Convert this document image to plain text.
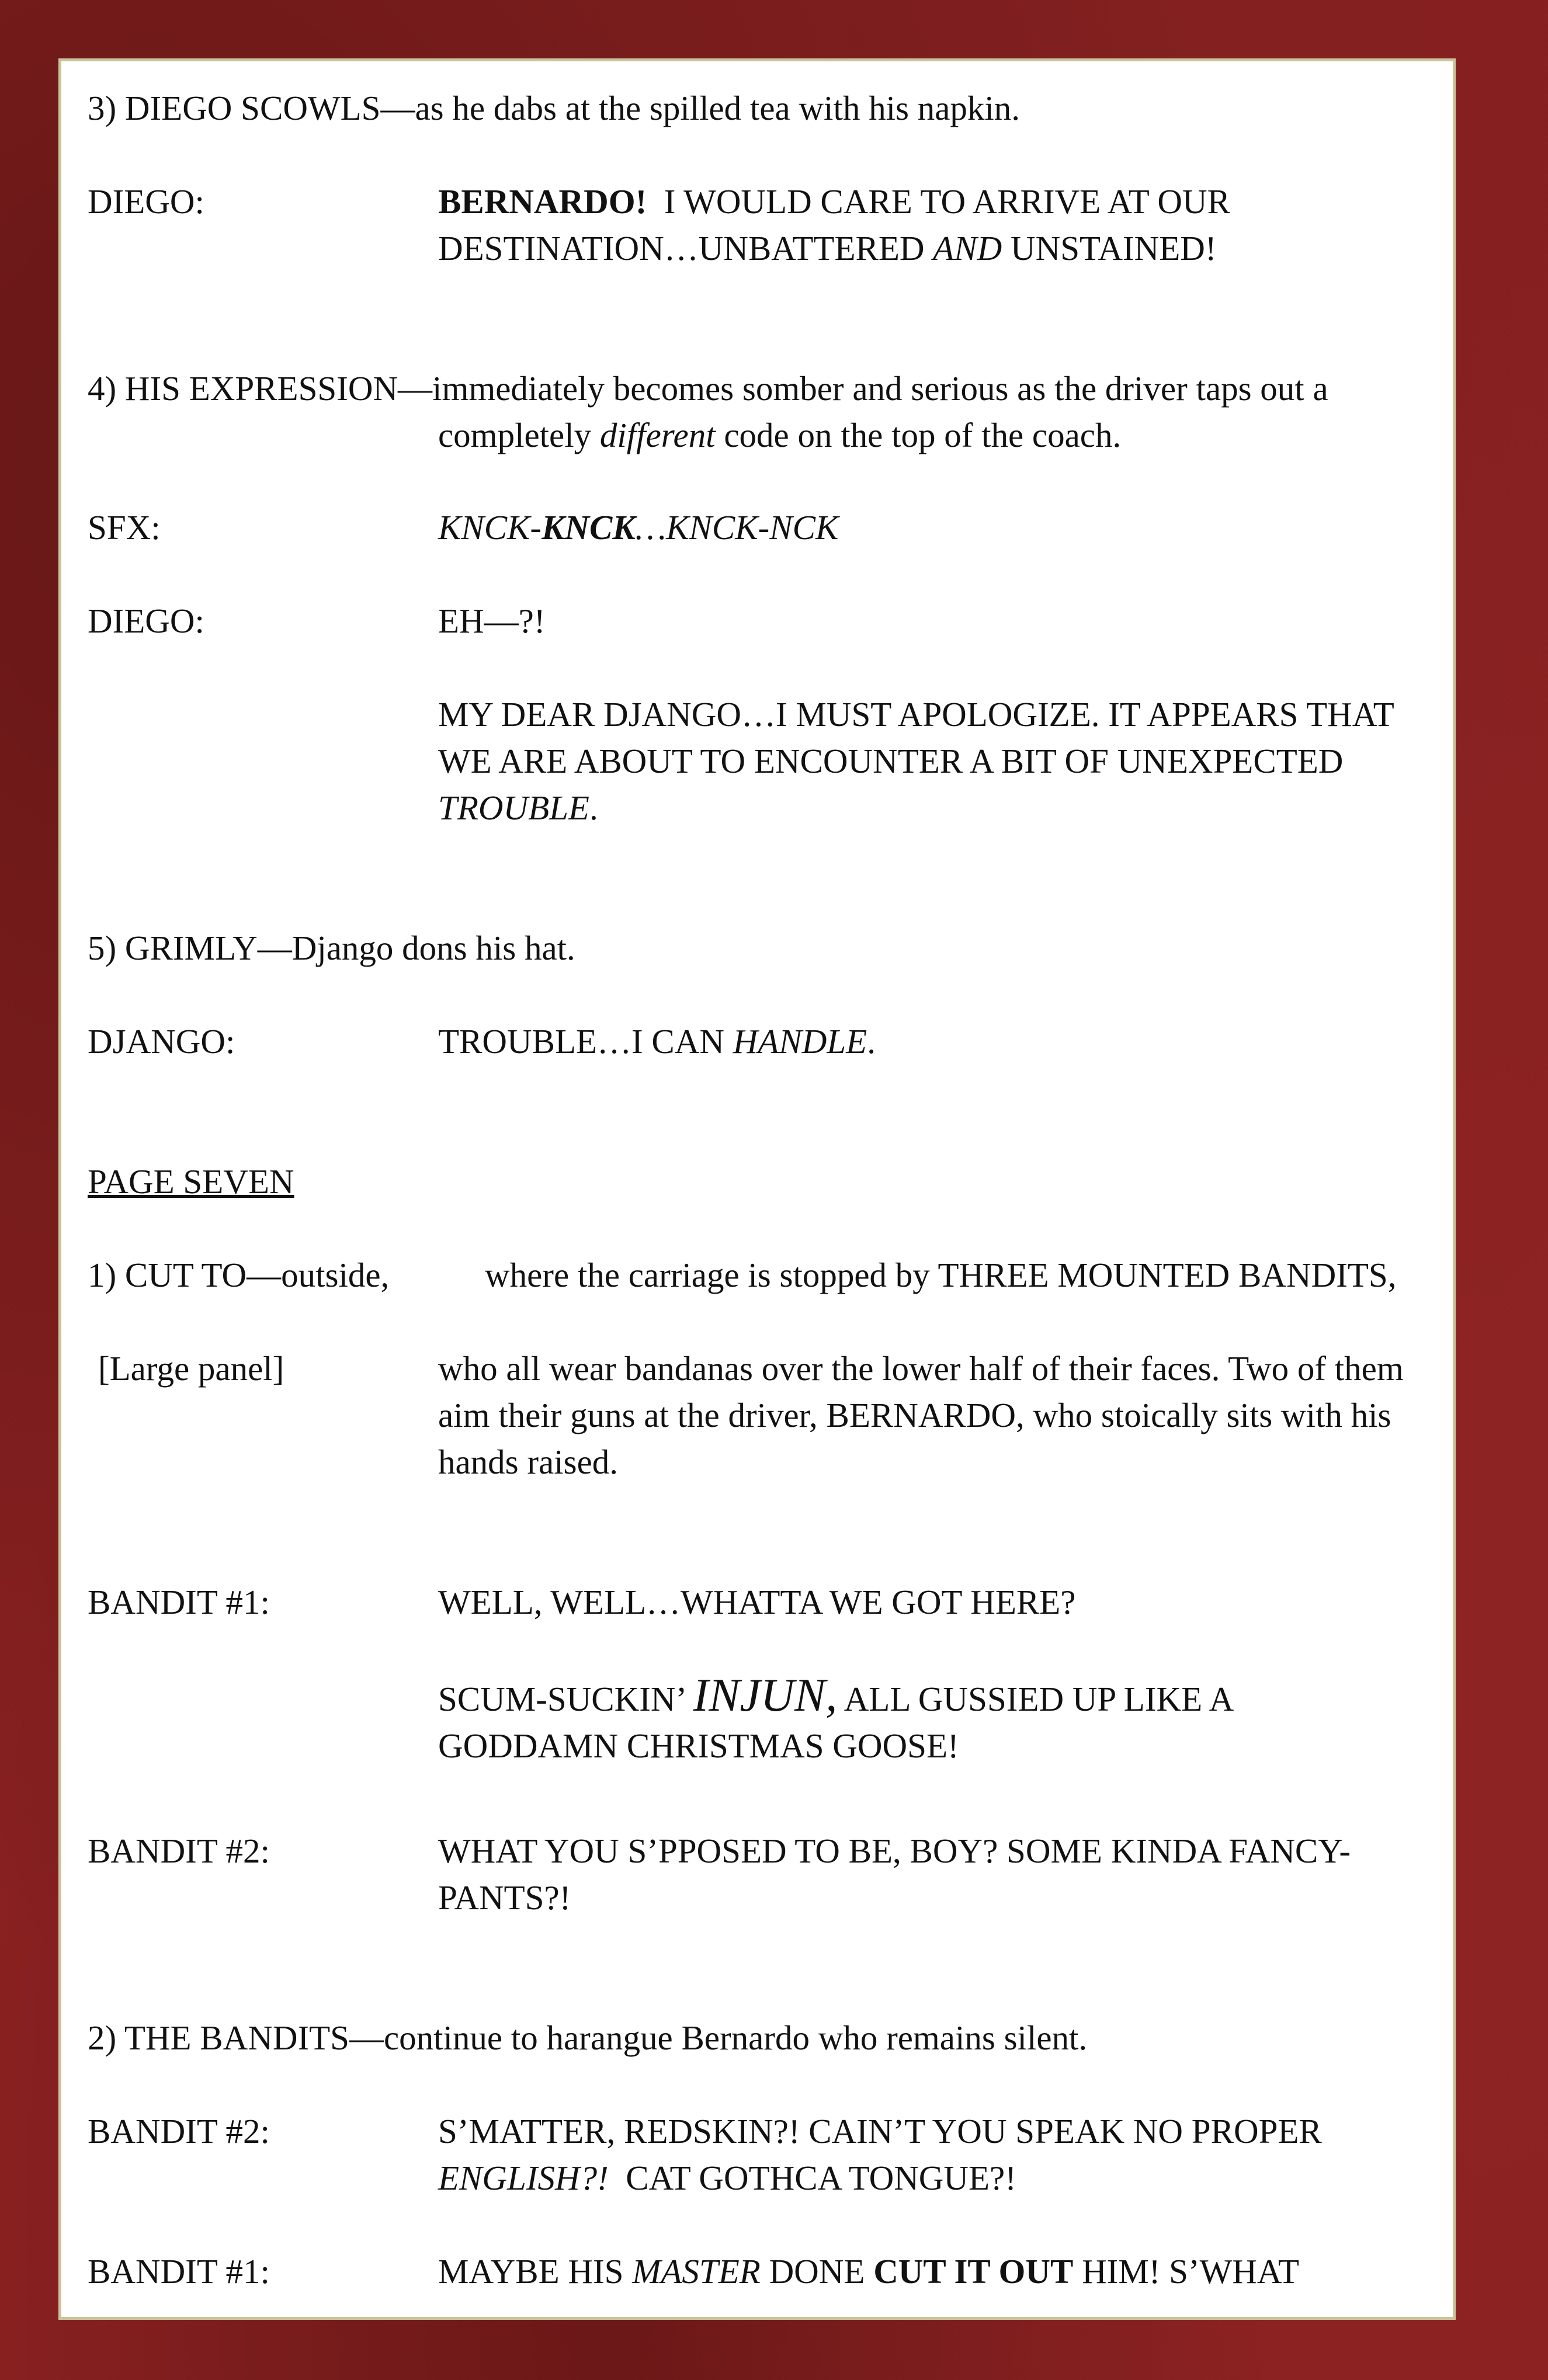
3) DIEGO SCOWLS—as he dabs at the spilled tea with his napkin.
DIEGO:	BERNARDO! I WOULD CARE TO ARRIVE AT OUR DESTINATION…UNBATTERED AND UNSTAINED!
4) HIS EXPRESSION—immediately becomes somber and serious as the driver taps out a completely different code on the top of the coach.
SFX:	KNCK-KNCK…KNCK-NCK
DIEGO:	EH—?!
MY DEAR DJANGO…I MUST APOLOGIZE. IT APPEARS THAT WE ARE ABOUT TO ENCOUNTER A BIT OF UNEXPECTED TROUBLE.
5) GRIMLY—Django dons his hat.
DJANGO:	TROUBLE…I CAN HANDLE.
PAGE SEVEN
1) CUT TO—outside,
	where the carriage is stopped by THREE MOUNTED BANDITS,
[Large panel]	who all wear bandanas over the lower half of their faces. Two of them aim their guns at the driver, BERNARDO, who stoically sits with his hands raised.
BANDIT #1:	WELL, WELL…WHATTA WE GOT HERE?
SCUM-SUCKIN’ INJUN, ALL GUSSIED UP LIKE A GODDAMN CHRISTMAS GOOSE!
BANDIT #2:	WHAT YOU S’PPOSED TO BE, BOY? SOME KINDA FANCY-PANTS?!
2) THE BANDITS—continue to harangue Bernardo who remains silent.
BANDIT #2:	S’MATTER, REDSKIN?! CAIN’T YOU SPEAK NO PROPER ENGLISH?! CAT GOTHCA TONGUE?!
BANDIT #1:	MAYBE HIS MASTER DONE CUT IT OUT HIM! S’WHAT
